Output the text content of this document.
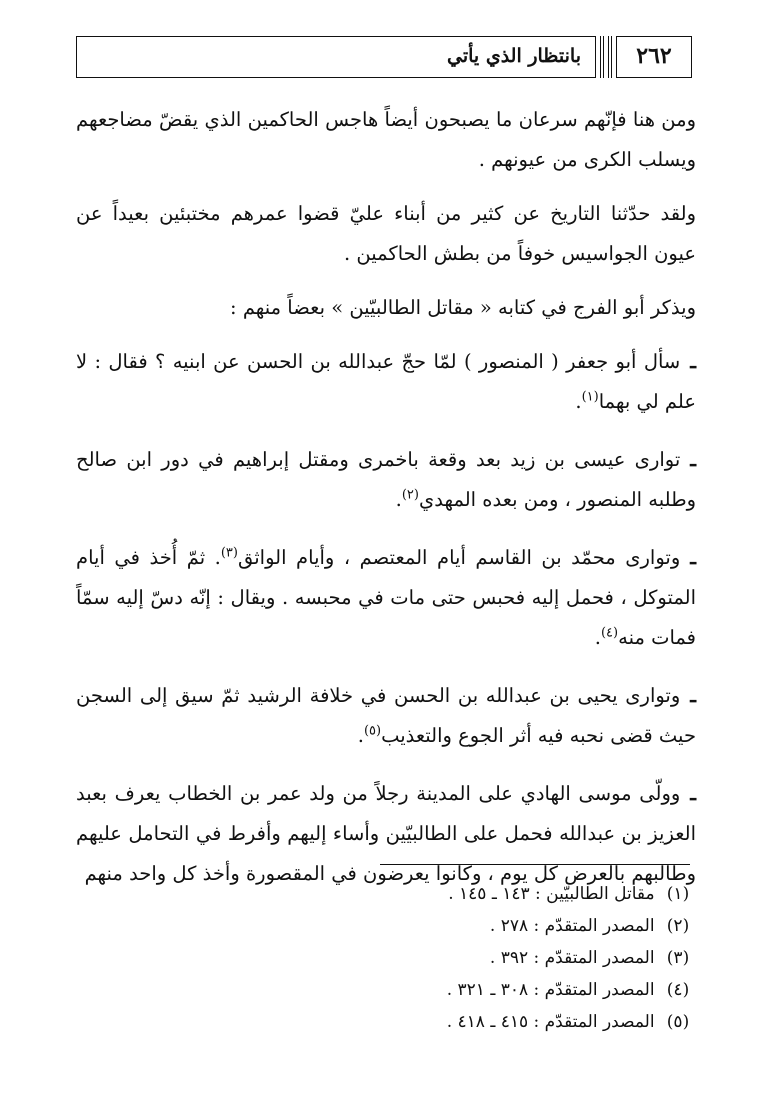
بانتظار الذي يأتي	٢٦٢

ومن هنا فإنّهم سرعان ما يصبحون أيضاً هاجس الحاكمين الذي يقضّ مضاجعهم ويسلب الكرى من عيونهم .

ولقد حدّثنا التاريخ عن كثير من أبناء عليّ قضوا عمرهم مختبئين بعيداً عن عيون الجواسيس خوفاً من بطش الحاكمين .

ويذكر أبو الفرج في كتابه « مقاتل الطالبيّين » بعضاً منهم :

ـسأل أبو جعفر ( المنصور ) لمّا حجّ عبدالله بن الحسن عن ابنيه ؟ فقال : لا علم لي بهما$^{(١)}$.

ـتوارى عيسى بن زيد بعد وقعة باخمرى ومقتل إبراهيم في دور ابن صالح وطلبه المنصور ، ومن بعده المهدي$^{(٢)}$.

ـوتوارى محمّد بن القاسم أيام المعتصم ، وأيام الواثق$^{(٣)}$. ثمّ أُخذ في أيام المتوكل ، فحمل إليه فحبس حتى مات في محبسه . ويقال : إنّه دسّ إليه سمّاً فمات منه$^{(٤)}$.

ـوتوارى يحيى بن عبدالله بن الحسن في خلافة الرشيد ثمّ سيق إلى السجن حيث قضى نحبه فيه أثر الجوع والتعذيب$^{(٥)}$.

ـوولّى موسى الهادي على المدينة رجلاً من ولد عمر بن الخطاب يعرف بعبد العزيز بن عبدالله فحمل على الطالبيّين وأساء إليهم وأفرط في التحامل عليهم وطالبهم بالعرض كل يوم ، وكانوا يعرضون في المقصورة وأخذ كل واحد منهم

(١) مقاتل الطالبيّين : ١٤٣ ـ ١٤٥ .
(٢) المصدر المتقدّم : ٢٧٨ .
(٣) المصدر المتقدّم : ٣٩٢ .
(٤) المصدر المتقدّم : ٣٠٨ ـ ٣٢١ .
(٥) المصدر المتقدّم : ٤١٥ ـ ٤١٨ .
